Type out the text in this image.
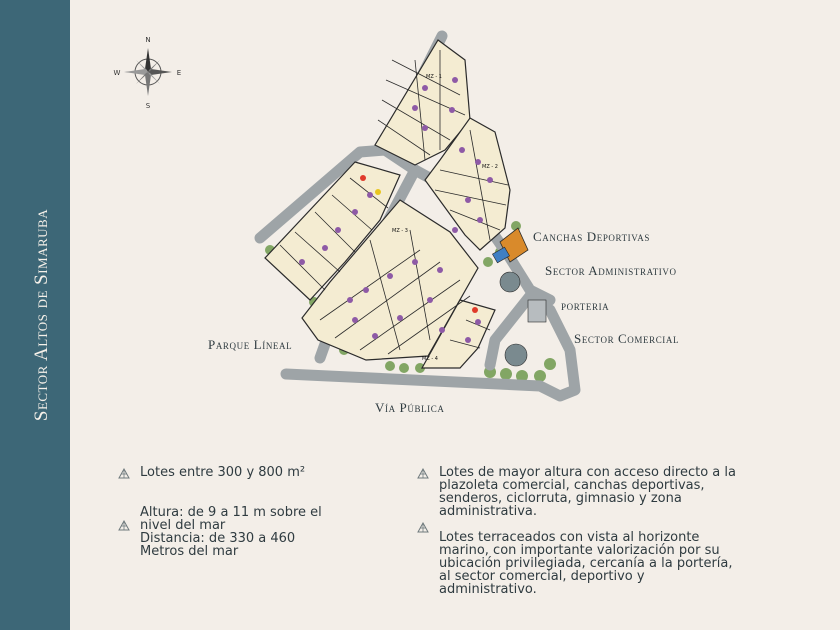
Sector Altos de Simaruba
N
S
E
W	MZ - 1
MZ - 2
MZ - 3
MZ - 4
Canchas Deportivas
Sector Administrativo
porteria
Sector Comercial
Parque Líneal
Vía Pública
Lotes entre 300 y 800 m²
Altura: de 9 a 11 m sobre el
nivel del mar
Distancia: de 330 a 460
Metros del mar
Lotes de mayor altura con acceso directo a la
plazoleta comercial, canchas deportivas,
senderos, ciclorruta, gimnasio y zona
administrativa.
Lotes terraceados con vista al horizonte
marino, con importante valorización por su
ubicación privilegiada, cercanía a la portería,
al sector comercial, deportivo y
administrativo.
